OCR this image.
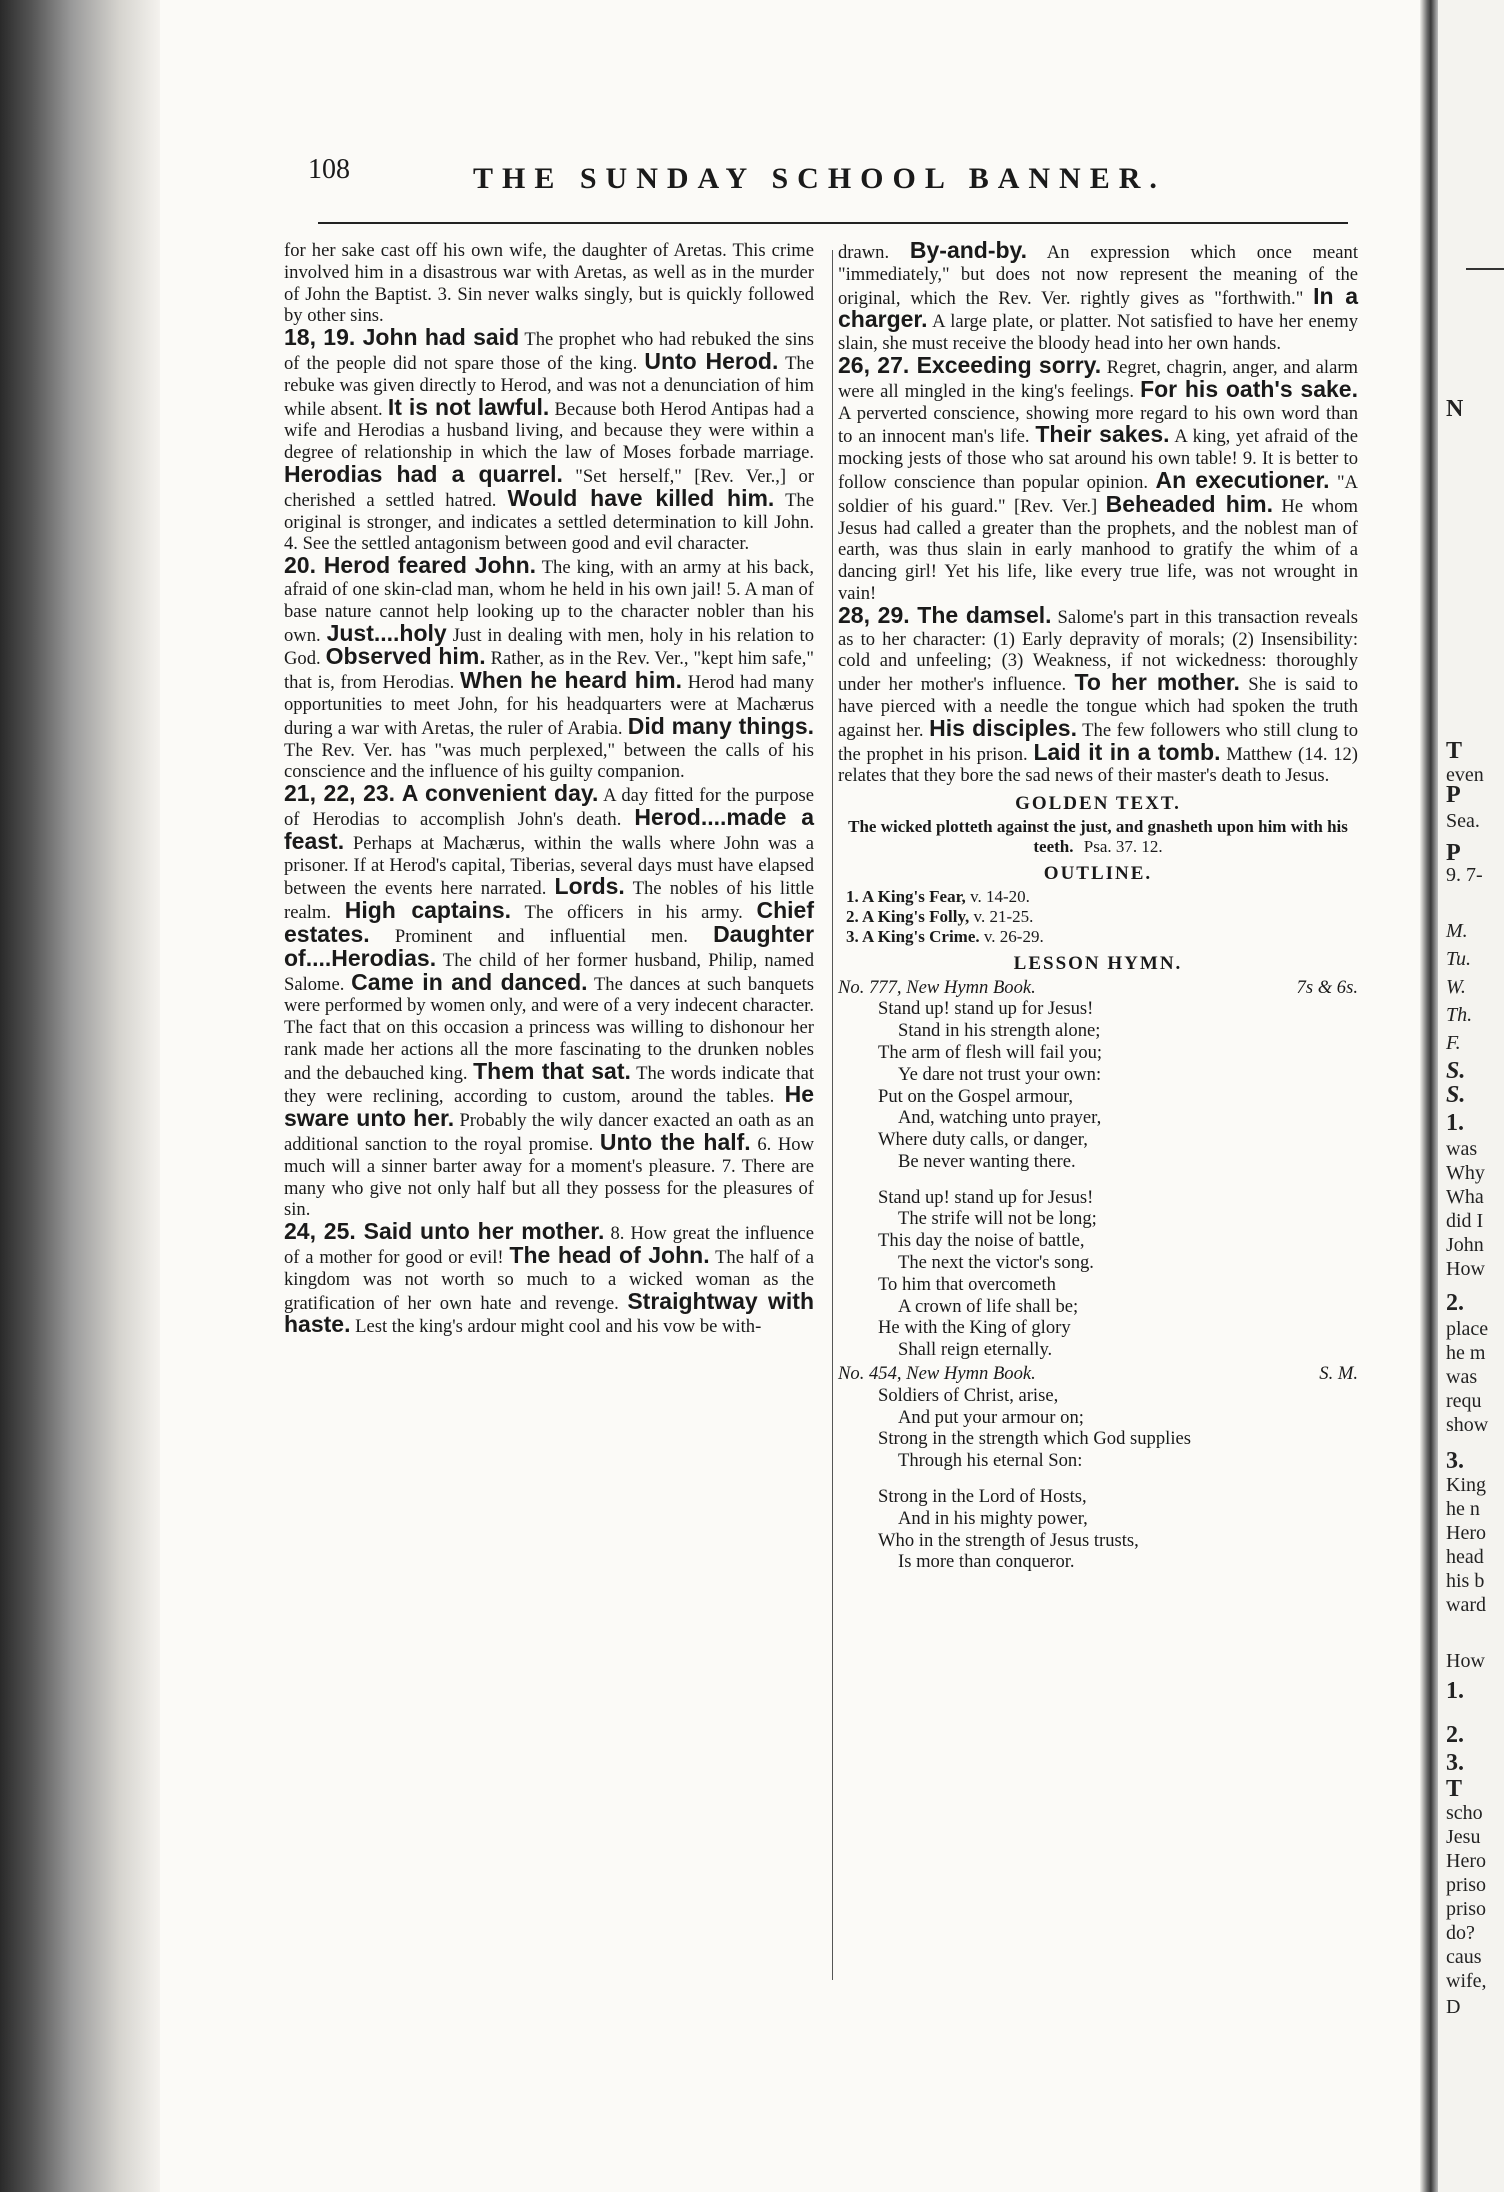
108	THE SUNDAY SCHOOL BANNER.

for her sake cast off his own wife, the daughter of Aretas. This crime involved him in a disastrous war with Aretas, as well as in the murder of John the Baptist. 3. Sin never walks singly, but is quickly followed by other sins.

18, 19. John had said The prophet who had rebuked the sins of the people did not spare those of the king. Unto Herod. The rebuke was given directly to Herod, and was not a denunciation of him while absent. It is not lawful. Because both Herod Antipas had a wife and Herodias a husband living, and because they were within a degree of relationship in which the law of Moses forbade marriage. Herodias had a quarrel. "Set herself," [Rev. Ver.,] or cherished a settled hatred. Would have killed him. The original is stronger, and indicates a settled determination to kill John. 4. See the settled antagonism between good and evil character.

20. Herod feared John. The king, with an army at his back, afraid of one skin-clad man, whom he held in his own jail! 5. A man of base nature cannot help looking up to the character nobler than his own. Just....holy Just in dealing with men, holy in his relation to God. Observed him. Rather, as in the Rev. Ver., "kept him safe," that is, from Herodias. When he heard him. Herod had many opportunities to meet John, for his headquarters were at Machærus during a war with Aretas, the ruler of Arabia. Did many things. The Rev. Ver. has "was much perplexed," between the calls of his conscience and the influence of his guilty companion.

21, 22, 23. A convenient day. A day fitted for the purpose of Herodias to accomplish John's death. Herod....made a feast. Perhaps at Machærus, within the walls where John was a prisoner. If at Herod's capital, Tiberias, several days must have elapsed between the events here narrated. Lords. The nobles of his little realm. High captains. The officers in his army. Chief estates. Prominent and influential men. Daughter of....Herodias. The child of her former husband, Philip, named Salome. Came in and danced. The dances at such banquets were performed by women only, and were of a very indecent character. The fact that on this occasion a princess was willing to dishonour her rank made her actions all the more fascinating to the drunken nobles and the debauched king. Them that sat. The words indicate that they were reclining, according to custom, around the tables. He sware unto her. Probably the wily dancer exacted an oath as an additional sanction to the royal promise. Unto the half. 6. How much will a sinner barter away for a moment's pleasure. 7. There are many who give not only half but all they possess for the pleasures of sin.

24, 25. Said unto her mother. 8. How great the influence of a mother for good or evil! The head of John. The half of a kingdom was not worth so much to a wicked woman as the gratification of her own hate and revenge. Straightway with haste. Lest the king's ardour might cool and his vow be with-

drawn. By-and-by. An expression which once meant "immediately," but does not now represent the meaning of the original, which the Rev. Ver. rightly gives as "forthwith." In a charger. A large plate, or platter. Not satisfied to have her enemy slain, she must receive the bloody head into her own hands.

26, 27. Exceeding sorry. Regret, chagrin, anger, and alarm were all mingled in the king's feelings. For his oath's sake. A perverted conscience, showing more regard to his own word than to an innocent man's life. Their sakes. A king, yet afraid of the mocking jests of those who sat around his own table! 9. It is better to follow conscience than popular opinion. An executioner. "A soldier of his guard." [Rev. Ver.] Beheaded him. He whom Jesus had called a greater than the prophets, and the noblest man of earth, was thus slain in early manhood to gratify the whim of a dancing girl! Yet his life, like every true life, was not wrought in vain!

28, 29. The damsel. Salome's part in this transaction reveals as to her character: (1) Early depravity of morals; (2) Insensibility: cold and unfeeling; (3) Weakness, if not wickedness: thoroughly under her mother's influence. To her mother. She is said to have pierced with a needle the tongue which had spoken the truth against her. His disciples. The few followers who still clung to the prophet in his prison. Laid it in a tomb. Matthew (14. 12) relates that they bore the sad news of their master's death to Jesus.

GOLDEN TEXT.
The wicked plotteth against the just, and gnasheth upon him with his teeth. Psa. 37. 12.
OUTLINE.
1. A King's Fear, v. 14-20.
2. A King's Folly, v. 21-25.
3. A King's Crime. v. 26-29.
LESSON HYMN.
No. 777, New Hymn Book.	7s & 6s.
Stand up! stand up for Jesus!
Stand in his strength alone;
The arm of flesh will fail you;
Ye dare not trust your own:
Put on the Gospel armour,
And, watching unto prayer,
Where duty calls, or danger,
Be never wanting there.
Stand up! stand up for Jesus!
The strife will not be long;
This day the noise of battle,
The next the victor's song.
To him that overcometh
A crown of life shall be;
He with the King of glory
Shall reign eternally.
No. 454, New Hymn Book.	S. M.
Soldiers of Christ, arise,
And put your armour on;
Strong in the strength which God supplies
Through his eternal Son:
Strong in the Lord of Hosts,
And in his mighty power,
Who in the strength of Jesus trusts,
Is more than conqueror.
N
T
even
P
Sea.
P
9. 7-
M.
Tu.
W.
Th.
F.
S.
S.
1.
was
Why
Wha
did I
John
How
2.
place
he m
was
requ
show
3.
King
he n
Hero
head
his b
ward
How
1.
2.
3.
T
scho
Jesu
Hero
priso
priso
do?
caus
wife,
D
